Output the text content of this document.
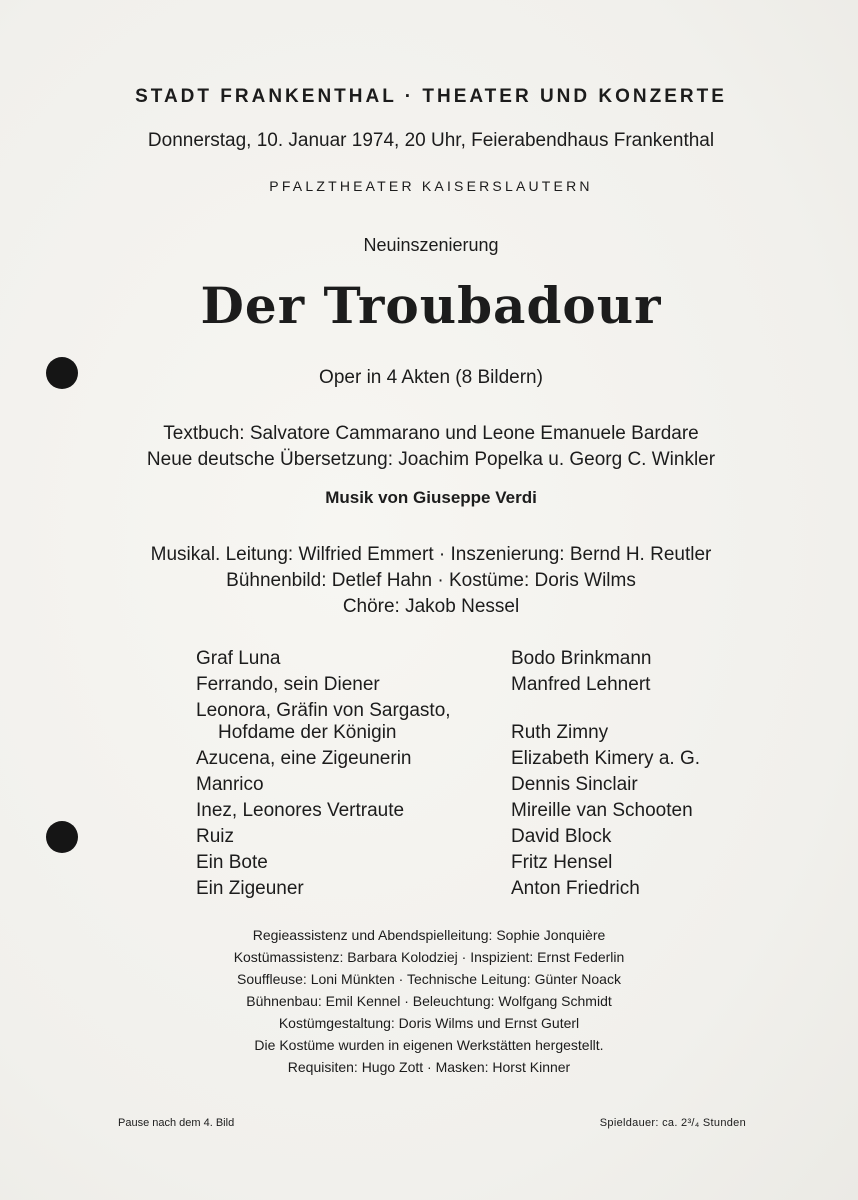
STADT FRANKENTHAL · THEATER UND KONZERTE
Donnerstag, 10. Januar 1974, 20 Uhr, Feierabendhaus Frankenthal
PFALZTHEATER KAISERSLAUTERN
Neuinszenierung
Der Troubadour
Oper in 4 Akten (8 Bildern)
Textbuch: Salvatore Cammarano und Leone Emanuele Bardare
Neue deutsche Übersetzung: Joachim Popelka u. Georg C. Winkler
Musik von Giuseppe Verdi
Musikal. Leitung: Wilfried Emmert · Inszenierung: Bernd H. Reutler
Bühnenbild: Detlef Hahn · Kostüme: Doris Wilms
Chöre: Jakob Nessel
Graf Luna	Bodo Brinkmann
Ferrando, sein Diener	Manfred Lehnert
Leonora, Gräfin von Sargasto,
Hofdame der Königin	Ruth Zimny
Azucena, eine Zigeunerin	Elizabeth Kimery a. G.
Manrico	Dennis Sinclair
Inez, Leonores Vertraute	Mireille van Schooten
Ruiz	David Block
Ein Bote	Fritz Hensel
Ein Zigeuner	Anton Friedrich
Regieassistenz und Abendspielleitung: Sophie Jonquière
Kostümassistenz: Barbara Kolodziej · Inspizient: Ernst Federlin
Souffleuse: Loni Münkten · Technische Leitung: Günter Noack
Bühnenbau: Emil Kennel · Beleuchtung: Wolfgang Schmidt
Kostümgestaltung: Doris Wilms und Ernst Guterl
Die Kostüme wurden in eigenen Werkstätten hergestellt.
Requisiten: Hugo Zott · Masken: Horst Kinner
Pause nach dem 4. Bild	Spieldauer: ca. 2³/₄ Stunden
